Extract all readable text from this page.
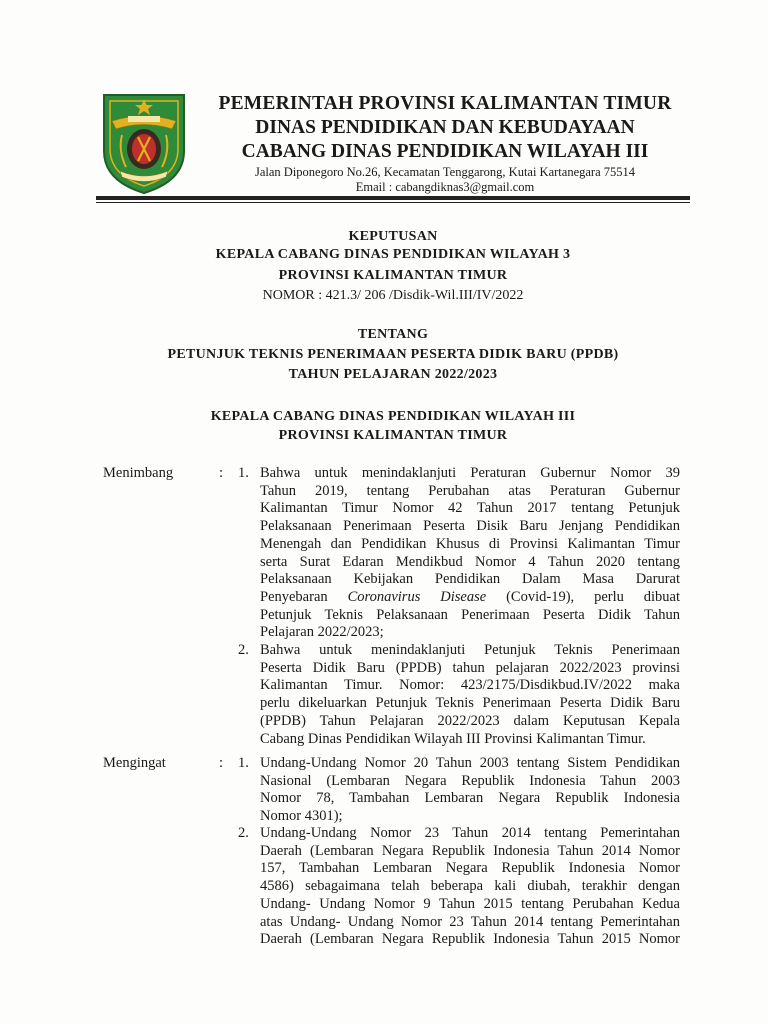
PEMERINTAH PROVINSI KALIMANTAN TIMUR
DINAS PENDIDIKAN DAN KEBUDAYAAN
CABANG DINAS PENDIDIKAN WILAYAH III
Jalan Diponegoro No.26, Kecamatan Tenggarong, Kutai Kartanegara 75514
Email : cabangdiknas3@gmail.com
KEPUTUSAN
KEPALA CABANG DINAS PENDIDIKAN WILAYAH 3
PROVINSI KALIMANTAN TIMUR
NOMOR : 421.3/ 206 /Disdik-Wil.III/IV/2022
TENTANG
PETUNJUK TEKNIS PENERIMAAN PESERTA DIDIK BARU (PPDB)
TAHUN PELAJARAN 2022/2023
KEPALA CABANG DINAS PENDIDIKAN WILAYAH III
PROVINSI KALIMANTAN TIMUR
Menimbang	: 1. Bahwa untuk menindaklanjuti Peraturan Gubernur Nomor 39
Tahun 2019, tentang Perubahan atas Peraturan Gubernur
Kalimantan Timur Nomor 42 Tahun 2017 tentang Petunjuk
Pelaksanaan Penerimaan Peserta Disik Baru Jenjang Pendidikan
Menengah dan Pendidikan Khusus di Provinsi Kalimantan Timur
serta Surat Edaran Mendikbud Nomor 4 Tahun 2020 tentang
Pelaksanaan Kebijakan Pendidikan Dalam Masa Darurat
Penyebaran Coronavirus Disease (Covid-19), perlu dibuat
Petunjuk Teknis Pelaksanaan Penerimaan Peserta Didik Tahun
Pelajaran 2022/2023;
2. Bahwa untuk menindaklanjuti Petunjuk Teknis Penerimaan
Peserta Didik Baru (PPDB) tahun pelajaran 2022/2023 provinsi
Kalimantan Timur. Nomor: 423/2175/Disdikbud.IV/2022 maka
perlu dikeluarkan Petunjuk Teknis Penerimaan Peserta Didik Baru
(PPDB) Tahun Pelajaran 2022/2023 dalam Keputusan Kepala
Cabang Dinas Pendidikan Wilayah III Provinsi Kalimantan Timur.
Mengingat	: 1. Undang-Undang Nomor 20 Tahun 2003 tentang Sistem Pendidikan
Nasional (Lembaran Negara Republik Indonesia Tahun 2003
Nomor 78, Tambahan Lembaran Negara Republik Indonesia
Nomor 4301);
2. Undang-Undang Nomor 23 Tahun 2014 tentang Pemerintahan
Daerah (Lembaran Negara Republik Indonesia Tahun 2014 Nomor
157, Tambahan Lembaran Negara Republik Indonesia Nomor
4586) sebagaimana telah beberapa kali diubah, terakhir dengan
Undang- Undang Nomor 9 Tahun 2015 tentang Perubahan Kedua
atas Undang- Undang Nomor 23 Tahun 2014 tentang Pemerintahan
Daerah (Lembaran Negara Republik Indonesia Tahun 2015 Nomor
